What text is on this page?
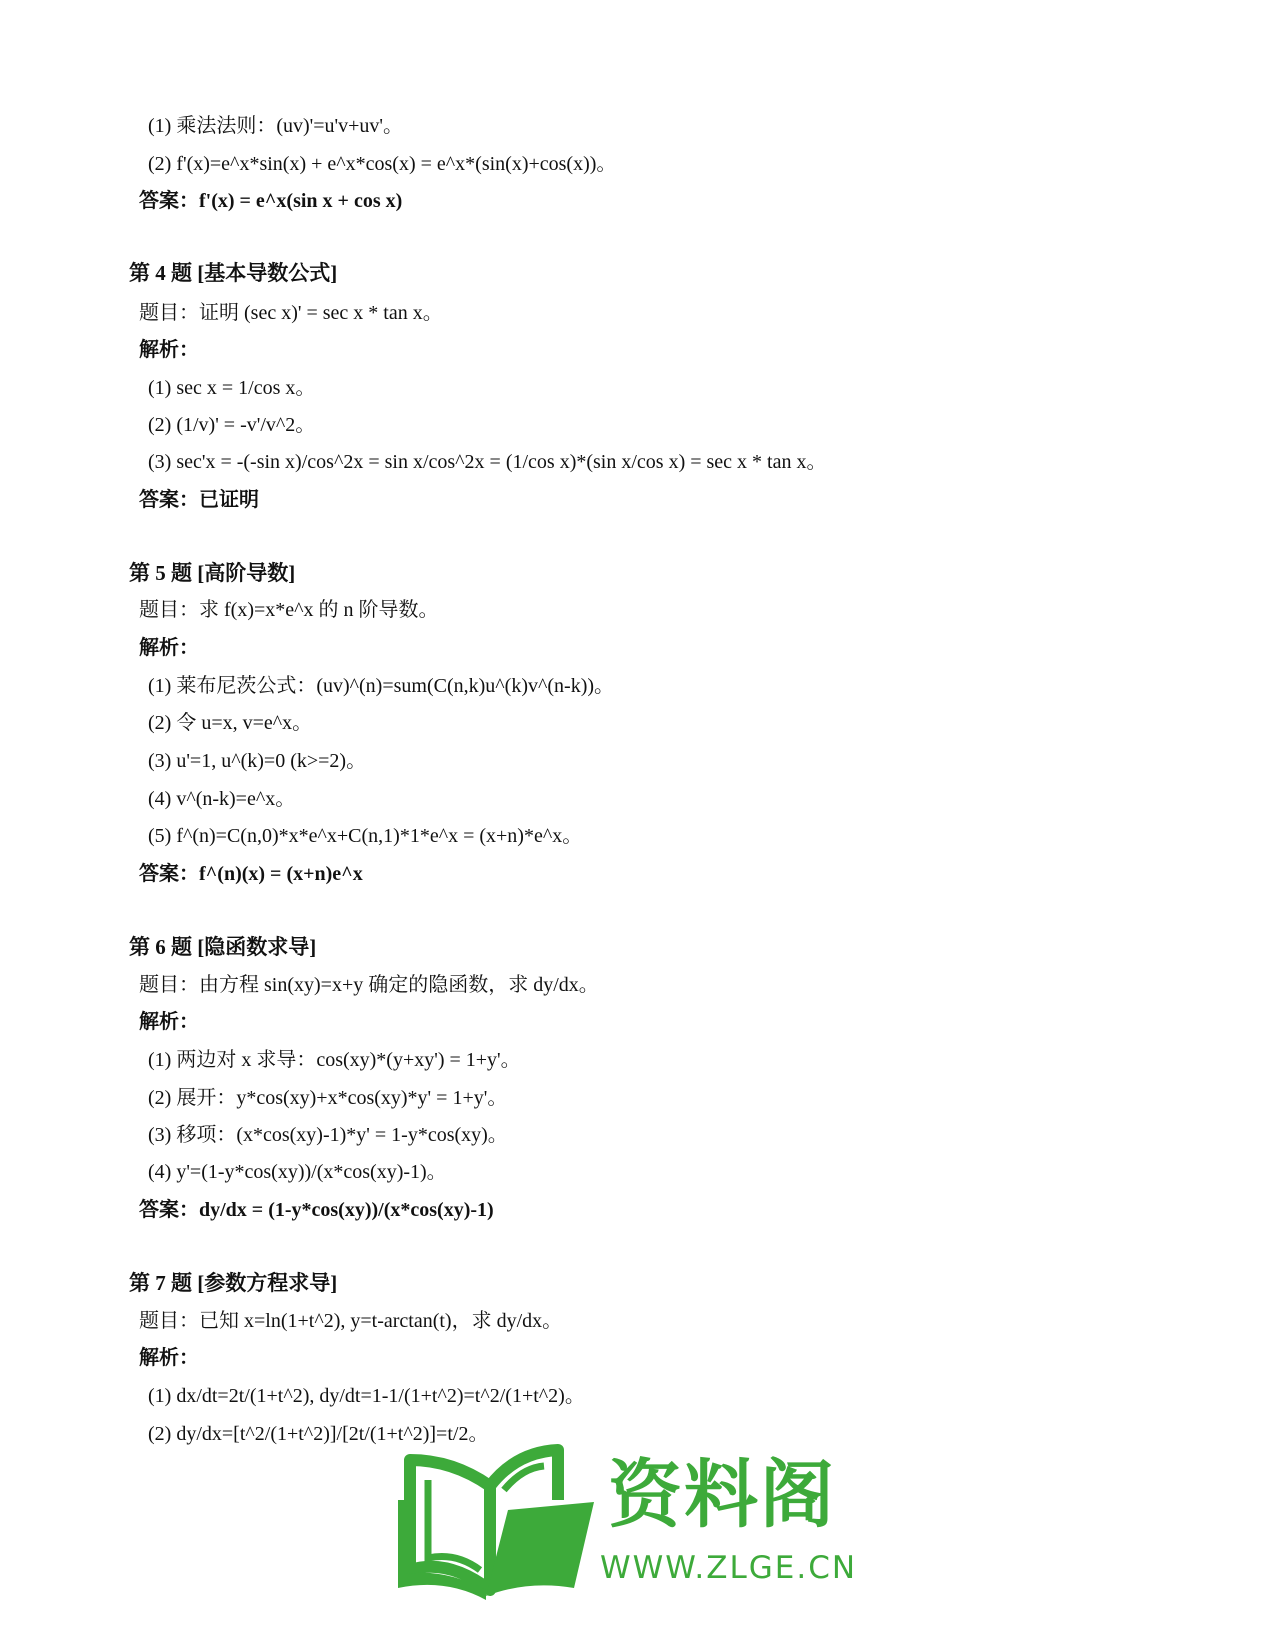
(1) 乘法法则：(uv)'=u'v+uv'。
(2) f'(x)=e^x*sin(x) + e^x*cos(x) = e^x*(sin(x)+cos(x))。
答案：f'(x) = e^x(sin x + cos x)
第 4 题 [基本导数公式]
题目：证明 (sec x)' = sec x * tan x。
解析：
(1) sec x = 1/cos x。
(2) (1/v)' = -v'/v^2。
(3) sec'x = -(-sin x)/cos^2x = sin x/cos^2x = (1/cos x)*(sin x/cos x) = sec x * tan x。
答案：已证明
第 5 题 [高阶导数]
题目：求 f(x)=x*e^x 的 n 阶导数。
解析：
(1) 莱布尼茨公式：(uv)^(n)=sum(C(n,k)u^(k)v^(n-k))。
(2) 令 u=x, v=e^x。
(3) u'=1, u^(k)=0 (k>=2)。
(4) v^(n-k)=e^x。
(5) f^(n)=C(n,0)*x*e^x+C(n,1)*1*e^x = (x+n)*e^x。
答案：f^(n)(x) = (x+n)e^x
第 6 题 [隐函数求导]
题目：由方程 sin(xy)=x+y 确定的隐函数，求 dy/dx。
解析：
(1) 两边对 x 求导：cos(xy)*(y+xy') = 1+y'。
(2) 展开：y*cos(xy)+x*cos(xy)*y' = 1+y'。
(3) 移项：(x*cos(xy)-1)*y' = 1-y*cos(xy)。
(4) y'=(1-y*cos(xy))/(x*cos(xy)-1)。
答案：dy/dx = (1-y*cos(xy))/(x*cos(xy)-1)
第 7 题 [参数方程求导]
题目：已知 x=ln(1+t^2), y=t-arctan(t)，求 dy/dx。
解析：
(1) dx/dt=2t/(1+t^2), dy/dt=1-1/(1+t^2)=t^2/(1+t^2)。
(2) dy/dx=[t^2/(1+t^2)]/[2t/(1+t^2)]=t/2。
资料阁
WWW.ZLGE.CN
